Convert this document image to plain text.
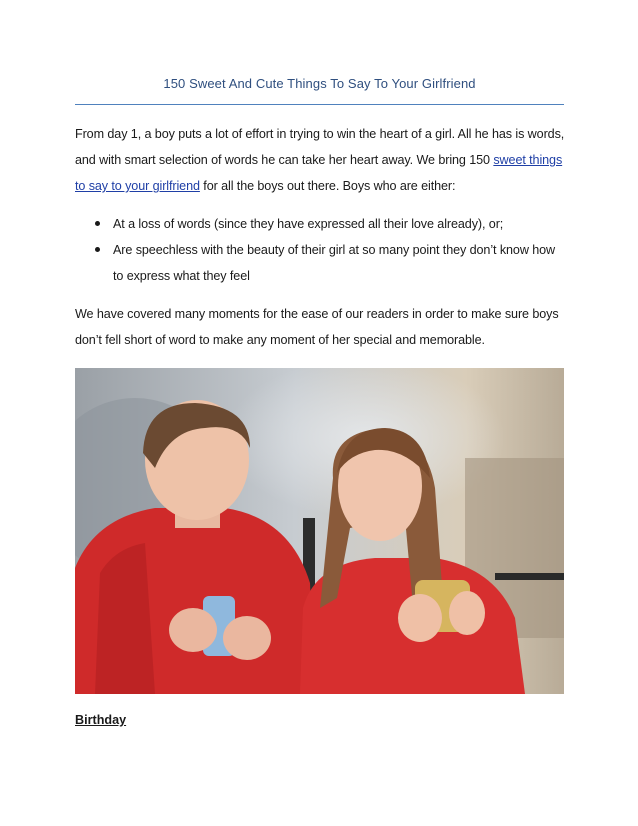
150 Sweet And Cute Things To Say To Your Girlfriend
From day 1, a boy puts a lot of effort in trying to win the heart of a girl. All he has is words, and with smart selection of words he can take her heart away. We bring 150 sweet things to say to your girlfriend for all the boys out there. Boys who are either:
At a loss of words (since they have expressed all their love already), or;
Are speechless with the beauty of their girl at so many point they don’t know how to express what they feel
We have covered many moments for the ease of our readers in order to make sure boys don’t fell short of word to make any moment of her special and memorable.
Birthday
